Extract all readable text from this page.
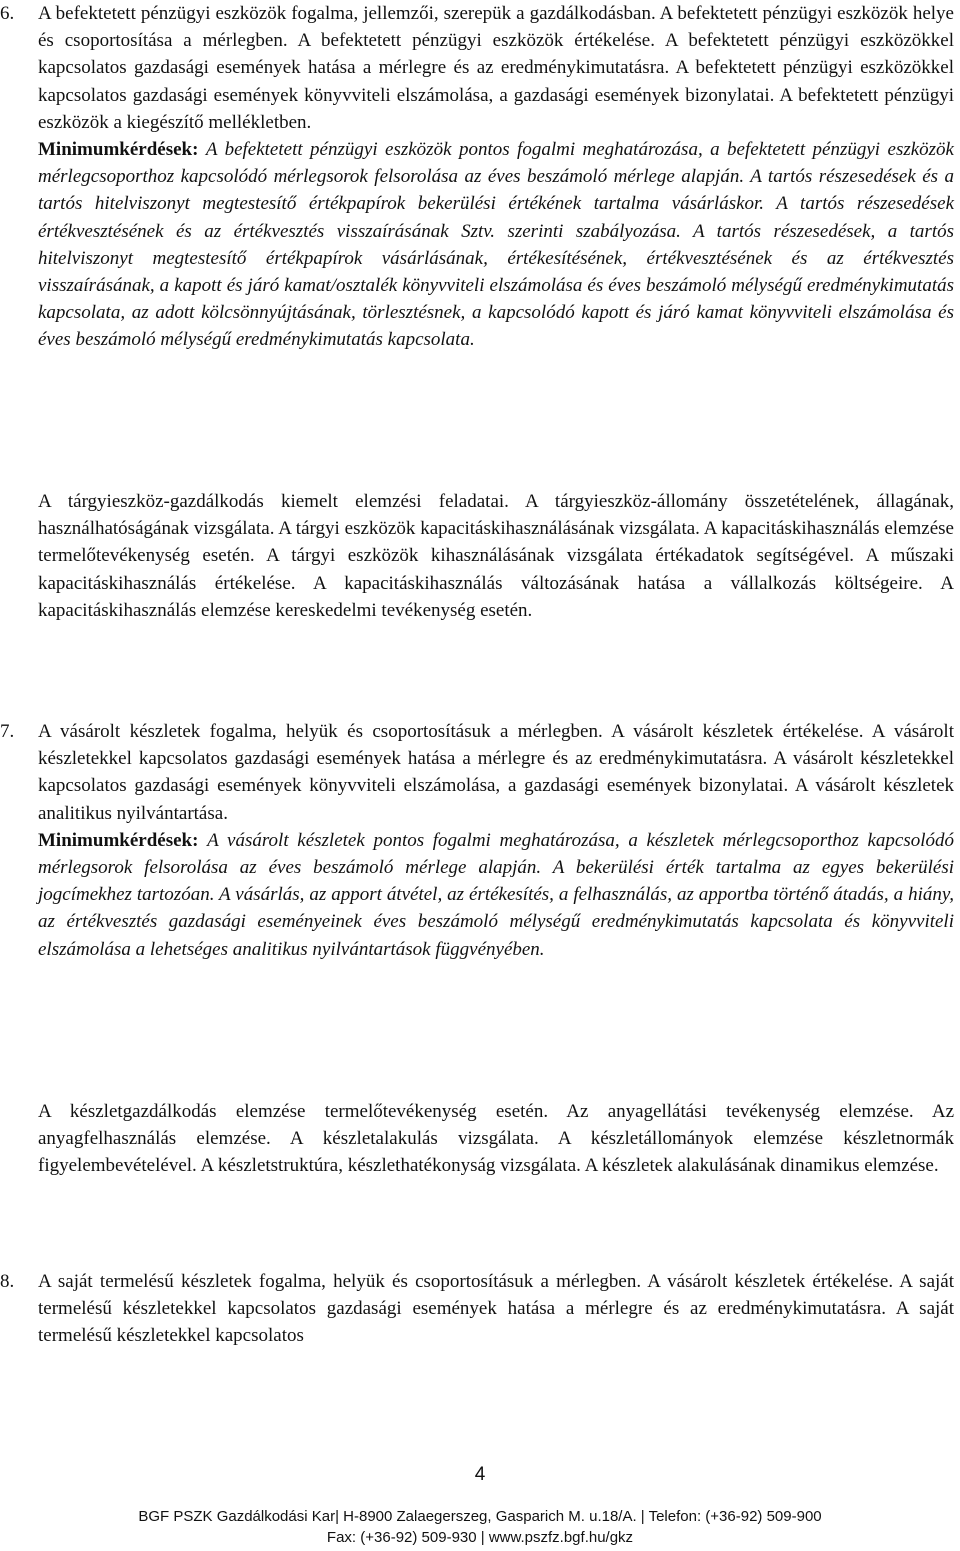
6. A befektetett pénzügyi eszközök fogalma, jellemzői, szerepük a gazdálkodásban. A befektetett pénzügyi eszközök helye és csoportosítása a mérlegben. A befektetett pénzügyi eszközök értékelése. A befektetett pénzügyi eszközökkel kapcsolatos gazdasági események hatása a mérlegre és az eredménykimutatásra. A befektetett pénzügyi eszközökkel kapcsolatos gazdasági események könyvviteli elszámolása, a gazdasági események bizonylatai. A befektetett pénzügyi eszközök a kiegészítő mellékletben.

Minimumkérdések: A befektetett pénzügyi eszközök pontos fogalmi meghatározása, a befektetett pénzügyi eszközök mérlegcsoporthoz kapcsolódó mérlegsorok felsorolása az éves beszámoló mérlege alapján. A tartós részesedések és a tartós hitelviszonyt megtestesítő értékpapírok bekerülési értékének tartalma vásárláskor. A tartós részesedések értékvesztésének és az értékvesztés visszaírásának Sztv. szerinti szabályozása. A tartós részesedések, a tartós hitelviszonyt megtestesítő értékpapírok vásárlásának, értékesítésének, értékvesztésének és az értékvesztés visszaírásának, a kapott és járó kamat/osztalék könyvviteli elszámolása és éves beszámoló mélységű eredménykimutatás kapcsolata, az adott kölcsönnyújtásának, törlesztésnek, a kapcsolódó kapott és járó kamat könyvviteli elszámolása és éves beszámoló mélységű eredménykimutatás kapcsolata.

A tárgyieszköz-gazdálkodás kiemelt elemzési feladatai. A tárgyieszköz-állomány összetételének, állagának, használhatóságának vizsgálata. A tárgyi eszközök kapacitáskihasználásának vizsgálata. A kapacitáskihasználás elemzése termelőtevékenység esetén. A tárgyi eszközök kihasználásának vizsgálata értékadatok segítségével. A műszaki kapacitáskihasználás értékelése. A kapacitáskihasználás változásának hatása a vállalkozás költségeire. A kapacitáskihasználás elemzése kereskedelmi tevékenység esetén.
7. A vásárolt készletek fogalma, helyük és csoportosításuk a mérlegben. A vásárolt készletek értékelése. A vásárolt készletekkel kapcsolatos gazdasági események hatása a mérlegre és az eredménykimutatásra. A vásárolt készletekkel kapcsolatos gazdasági események könyvviteli elszámolása, a gazdasági események bizonylatai. A vásárolt készletek analitikus nyilvántartása.

Minimumkérdések: A vásárolt készletek pontos fogalmi meghatározása, a készletek mérlegcsoporthoz kapcsolódó mérlegsorok felsorolása az éves beszámoló mérlege alapján. A bekerülési érték tartalma az egyes bekerülési jogcímekhez tartozóan. A vásárlás, az apport átvétel, az értékesítés, a felhasználás, az apportba történő átadás, a hiány, az értékvesztés gazdasági eseményeinek éves beszámoló mélységű eredménykimutatás kapcsolata és könyvviteli elszámolása a lehetséges analitikus nyilvántartások függvényében.

A készletgazdálkodás elemzése termelőtevékenység esetén. Az anyagellátási tevékenység elemzése. Az anyagfelhasználás elemzése. A készletalakulás vizsgálata. A készletállományok elemzése készletnormák figyelembevételével. A készletstruktúra, készlethatékonyság vizsgálata. A készletek alakulásának dinamikus elemzése.
8. A saját termelésű készletek fogalma, helyük és csoportosításuk a mérlegben. A vásárolt készletek értékelése. A saját termelésű készletekkel kapcsolatos gazdasági események hatása a mérlegre és az eredménykimutatásra. A saját termelésű készletekkel kapcsolatos

4
BGF PSZK Gazdálkodási Kar| H-8900 Zalaegerszeg, Gasparich M. u.18/A. | Telefon: (+36-92) 509-900
Fax: (+36-92) 509-930 | www.pszfz.bgf.hu/gkz
